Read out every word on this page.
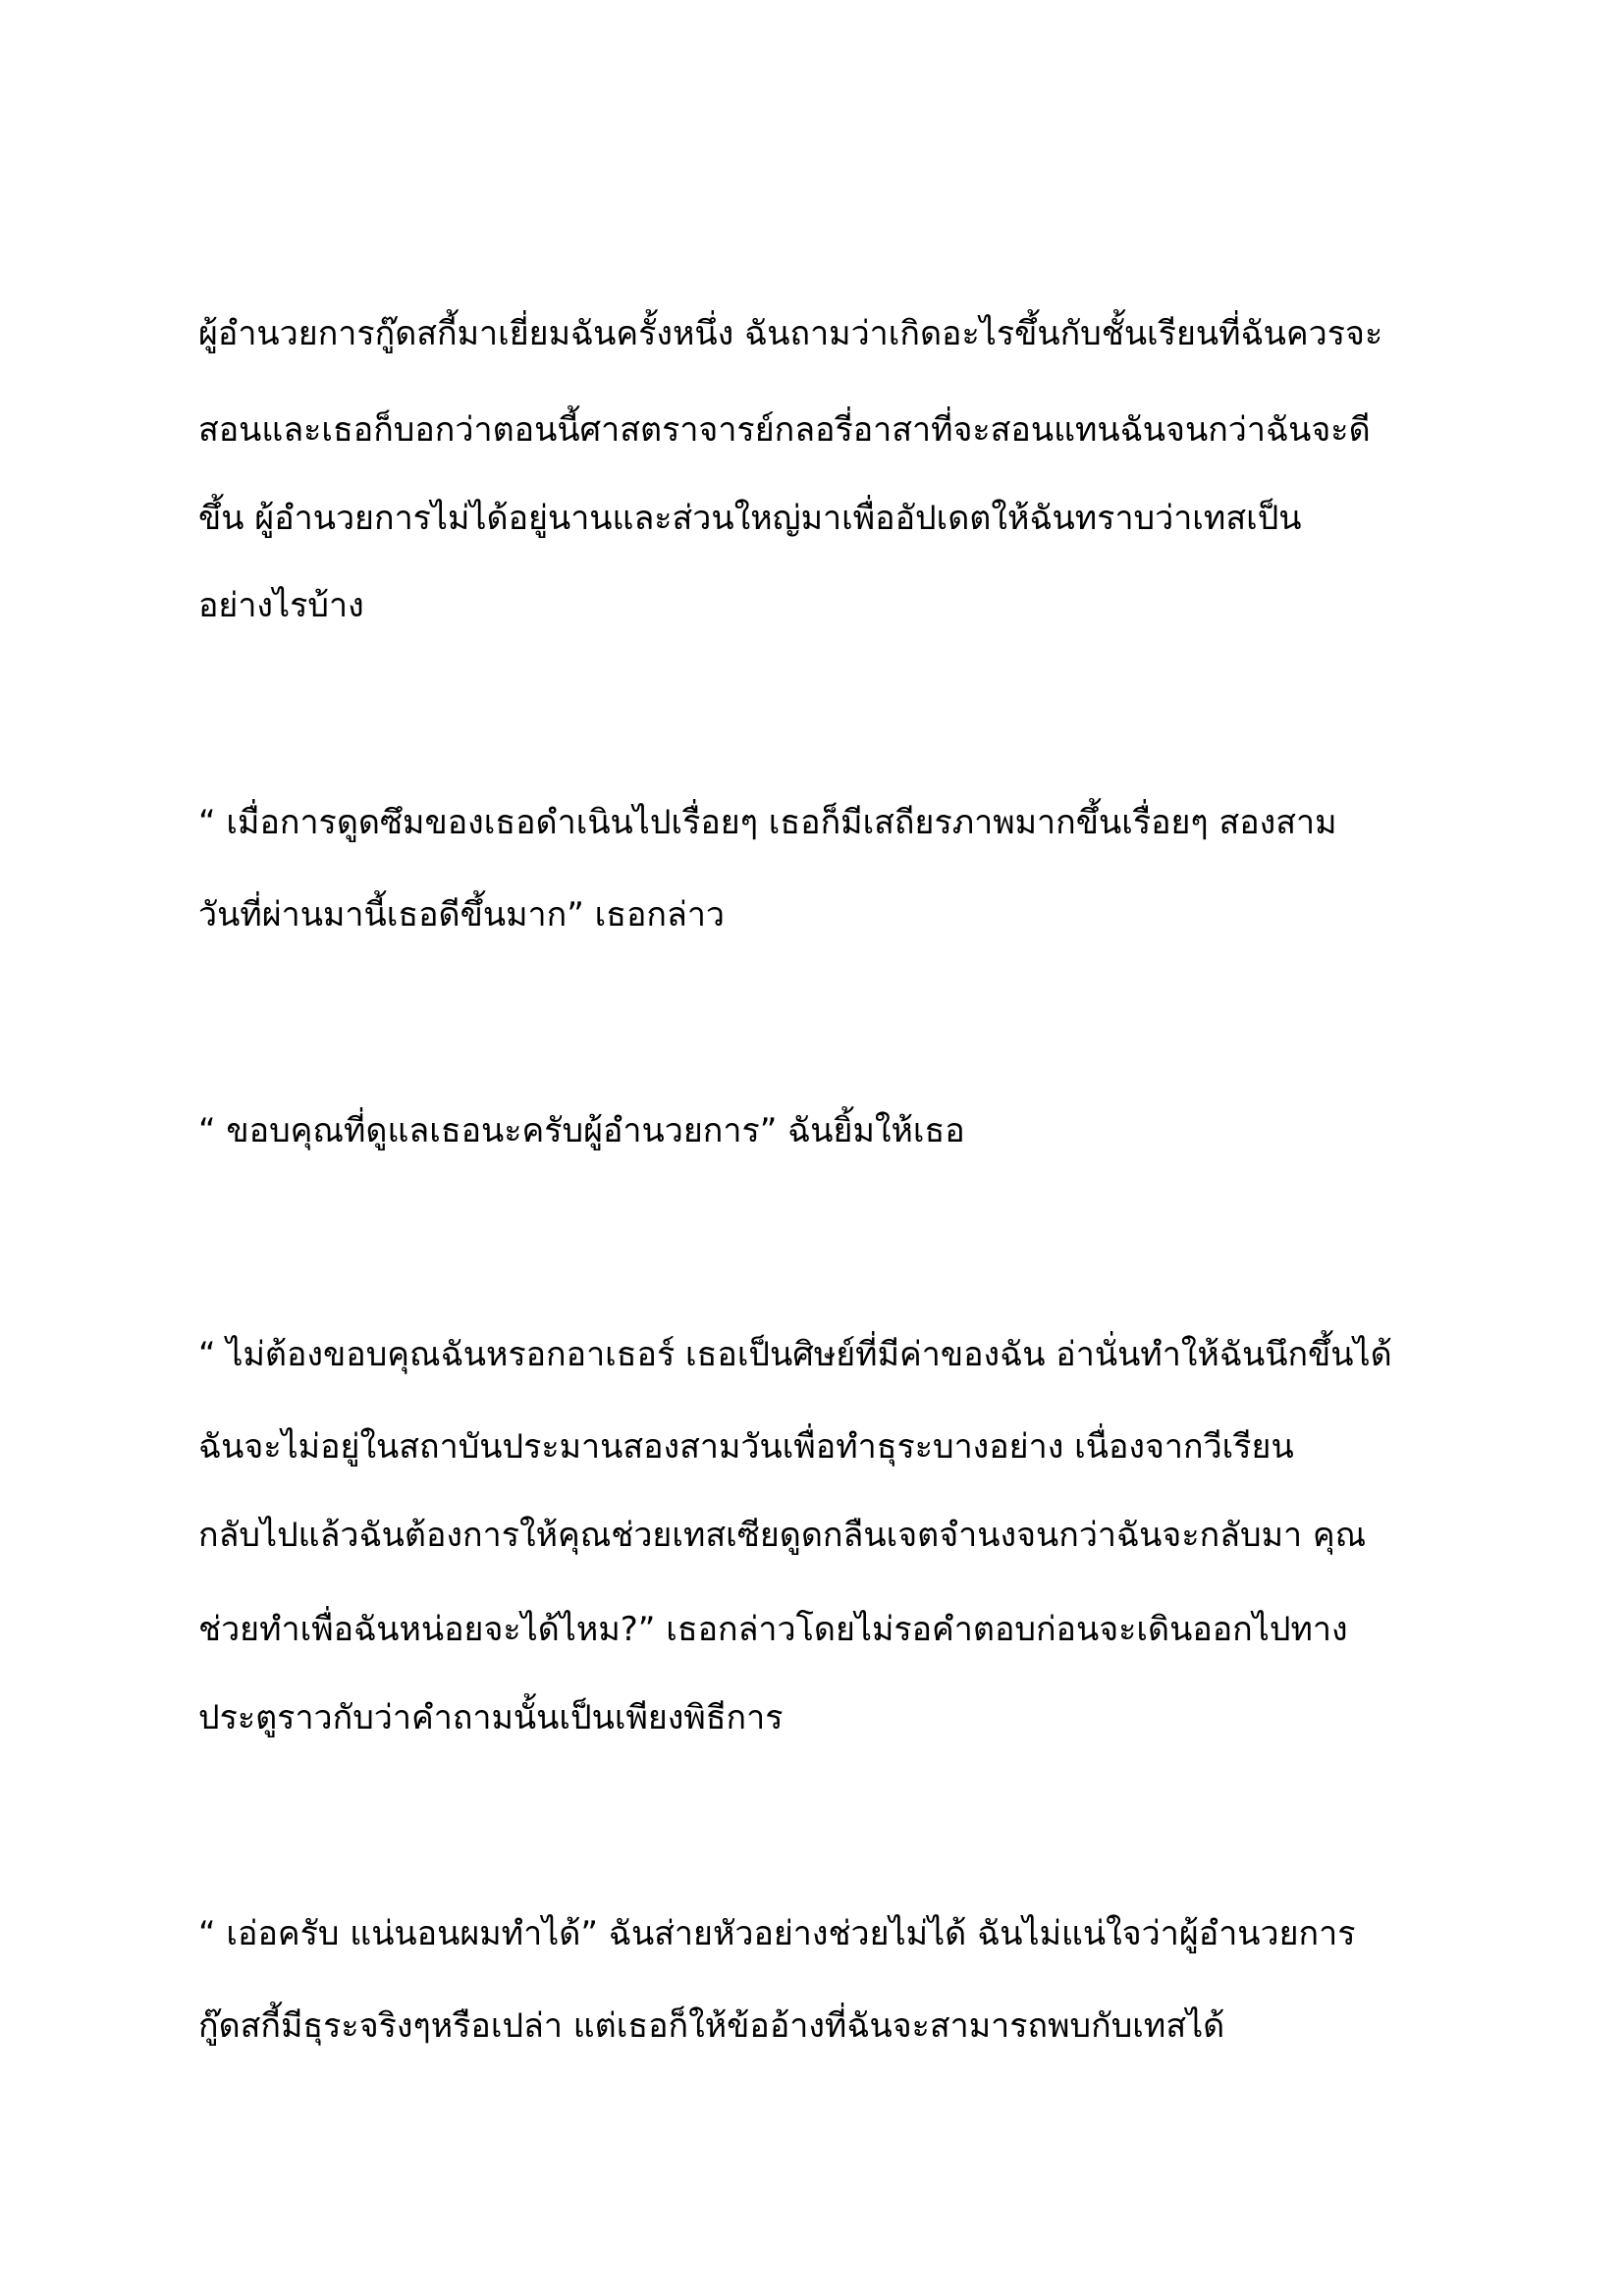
ผู้อำนวยการกู๊ดสกี้มาเยี่ยมฉันครั้งหนึ่ง ฉันถามว่าเกิดอะไรขึ้นกับชั้นเรียนที่ฉันควรจะ
สอนและเธอก็บอกว่าตอนนี้ศาสตราจารย์กลอรี่อาสาที่จะสอนแทนฉันจนกว่าฉันจะดี
ขึ้น ผู้อำนวยการไม่ได้อยู่นานและส่วนใหญ่มาเพื่ออัปเดตให้ฉันทราบว่าเทสเป็น
อย่างไรบ้าง
“ เมื่อการดูดซึมของเธอดำเนินไปเรื่อยๆ เธอก็มีเสถียรภาพมากขึ้นเรื่อยๆ สองสาม
วันที่ผ่านมานี้เธอดีขึ้นมาก” เธอกล่าว
“ ขอบคุณที่ดูแลเธอนะครับผู้อำนวยการ” ฉันยิ้มให้เธอ
“ ไม่ต้องขอบคุณฉันหรอกอาเธอร์ เธอเป็นศิษย์ที่มีค่าของฉัน อ่านั่นทำให้ฉันนึกขึ้นได้
ฉันจะไม่อยู่ในสถาบันประมานสองสามวันเพื่อทำธุระบางอย่าง เนื่องจากวีเรียน
กลับไปแล้วฉันต้องการให้คุณช่วยเทสเซียดูดกลืนเจตจำนงจนกว่าฉันจะกลับมา คุณ
ช่วยทำเพื่อฉันหน่อยจะได้ไหม?” เธอกล่าวโดยไม่รอคำตอบก่อนจะเดินออกไปทาง
ประตูราวกับว่าคำถามนั้นเป็นเพียงพิธีการ
“ เอ่อครับ แน่นอนผมทำได้” ฉันส่ายหัวอย่างช่วยไม่ได้ ฉันไม่แน่ใจว่าผู้อำนวยการ
กู๊ดสกี้มีธุระจริงๆหรือเปล่า แต่เธอก็ให้ข้ออ้างที่ฉันจะสามารถพบกับเทสได้
